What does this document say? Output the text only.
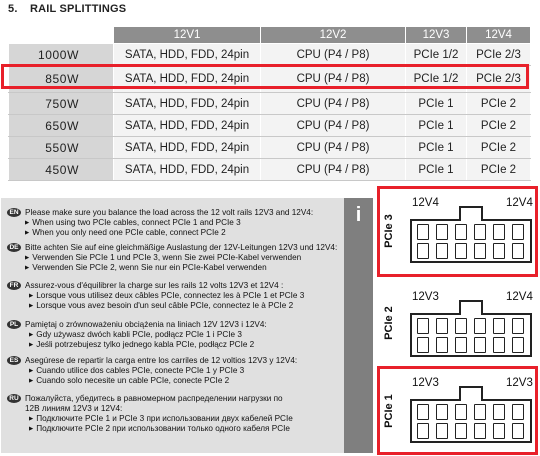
5. RAIL SPLITTINGS
	12V1	12V2	12V3	12V4
1000W	SATA, HDD, FDD, 24pin	CPU (P4 / P8)	PCIe 1/2	PCIe 2/3
850W	SATA, HDD, FDD, 24pin	CPU (P4 / P8)	PCIe 1/2	PCIe 2/3
750W	SATA, HDD, FDD, 24pin	CPU (P4 / P8)	PCIe 1	PCIe 2
650W	SATA, HDD, FDD, 24pin	CPU (P4 / P8)	PCIe 1	PCIe 2
550W	SATA, HDD, FDD, 24pin	CPU (P4 / P8)	PCIe 1	PCIe 2
450W	SATA, HDD, FDD, 24pin	CPU (P4 / P8)	PCIe 1	PCIe 2
i
EN Please make sure you balance the load across the 12 volt rails 12V3 and 12V4:
▶ When using two PCIe cables, connect PCIe 1 and PCIe 3
▶ When you only need one PCIe cable, connect PCIe 2
DE Bitte achten Sie auf eine gleichmäßige Auslastung der 12V-Leitungen 12V3 und 12V4:
▶ Verwenden Sie PCIe 1 und PCIe 3, wenn Sie zwei PCIe-Kabel verwenden
▶ Verwenden Sie PCIe 2, wenn Sie nur ein PCIe-Kabel verwenden
FR Assurez-vous d'équilibrer la charge sur les rails 12 volts 12V3 et 12V4 :
▶ Lorsque vous utilisez deux câbles PCIe, connectez les à PCIe 1 et PCIe 3
▶ Lorsque vous avez besoin d'un seul câble PCIe, connectez le à PCIe 2
PL Pamiętaj o zrównoważeniu obciążenia na liniach 12V 12V3 i 12V4:
▶ Gdy używasz dwóch kabli PCIe, podłącz PCIe 1 i PCIe 3
▶ Jeśli potrzebujesz tylko jednego kabla PCIe, podłącz PCIe 2
ES Asegúrese de repartir la carga entre los carriles de 12 voltios 12V3 y 12V4:
▶ Cuando utilice dos cables PCIe, conecte PCIe 1 y PCIe 3
▶ Cuando solo necesite un cable PCIe, conecte PCIe 2
RU Пожалуйста, убедитесь в равномерном распределении нагрузки по
12В линиям 12V3 и 12V4:
▶ Подключите PCIe 1 и PCIe 3 при использовании двух кабелей PCIe
▶ Подключите PCIe 2 при использовании только одного кабеля PCIe
PCIe 3
12V4	12V4
PCIe 2
12V3	12V4
PCIe 1
12V3	12V3
